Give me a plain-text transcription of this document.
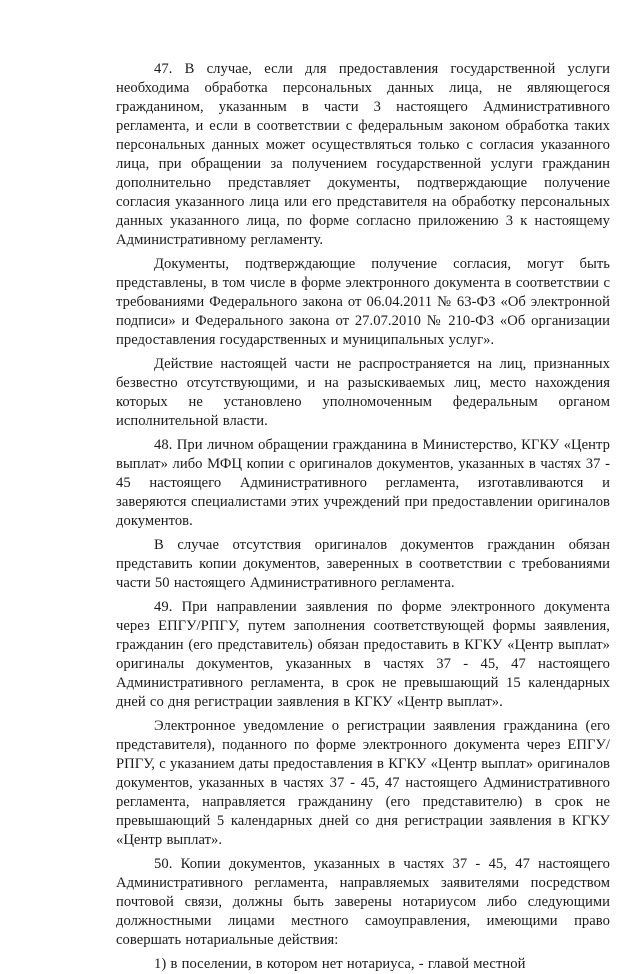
47. В случае, если для предоставления государственной услуги необходима обработка персональных данных лица, не являющегося гражданином, указанным в части 3 настоящего Административного регламента, и если в соответствии с федеральным законом обработка таких персональных данных может осуществляться только с согласия указанного лица, при обращении за получением государственной услуги гражданин дополнительно представляет документы, подтверждающие получение согласия указанного лица или его представителя на обработку персональных данных указанного лица, по форме согласно приложению 3 к настоящему Административному регламенту.

Документы, подтверждающие получение согласия, могут быть представлены, в том числе в форме электронного документа в соответствии с требованиями Федерального закона от 06.04.2011 № 63-ФЗ «Об электронной подписи» и Федерального закона от 27.07.2010 № 210-ФЗ «Об организации предоставления государственных и муниципальных услуг».

Действие настоящей части не распространяется на лиц, признанных безвестно отсутствующими, и на разыскиваемых лиц, место нахождения которых не установлено уполномоченным федеральным органом исполнительной власти.

48. При личном обращении гражданина в Министерство, КГКУ «Центр выплат» либо МФЦ копии с оригиналов документов, указанных в частях 37 - 45 настоящего Административного регламента, изготавливаются и заверяются специалистами этих учреждений при предоставлении оригиналов документов.

В случае отсутствия оригиналов документов гражданин обязан представить копии документов, заверенных в соответствии с требованиями части 50 настоящего Административного регламента.

49. При направлении заявления по форме электронного документа через ЕПГУ/РПГУ, путем заполнения соответствующей формы заявления, гражданин (его представитель) обязан предоставить в КГКУ «Центр выплат» оригиналы документов, указанных в частях 37 - 45, 47 настоящего Административного регламента, в срок не превышающий 15 календарных дней со дня регистрации заявления в КГКУ «Центр выплат».

Электронное уведомление о регистрации заявления гражданина (его представителя), поданного по форме электронного документа через ЕПГУ/РПГУ, с указанием даты предоставления в КГКУ «Центр выплат» оригиналов документов, указанных в частях 37 - 45, 47 настоящего Административного регламента, направляется гражданину (его представителю) в срок не превышающий 5 календарных дней со дня регистрации заявления в КГКУ «Центр выплат».

50. Копии документов, указанных в частях 37 - 45, 47 настоящего Административного регламента, направляемых заявителями посредством почтовой связи, должны быть заверены нотариусом либо следующими должностными лицами местного самоуправления, имеющими право совершать нотариальные действия:

1) в поселении, в котором нет нотариуса, - главой местной
